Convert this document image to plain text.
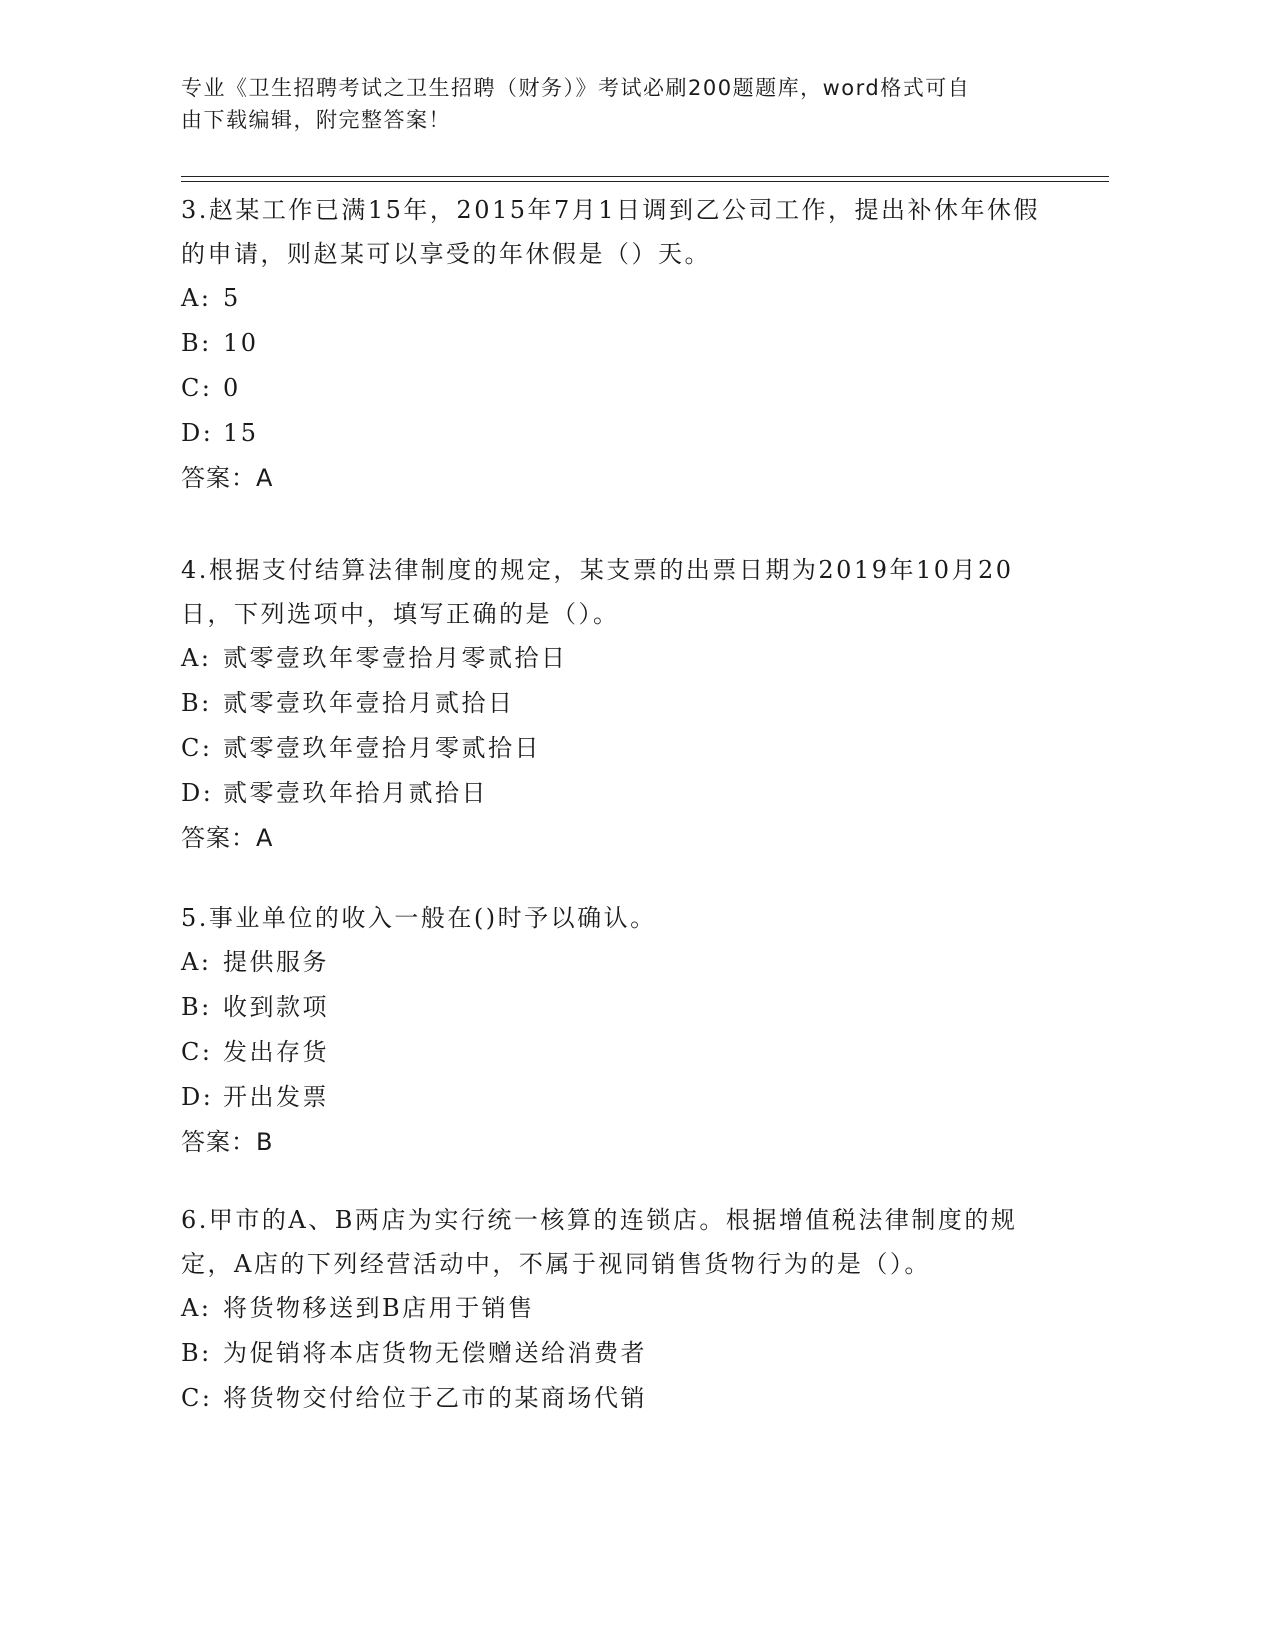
专业《卫生招聘考试之卫生招聘（财务）》考试必刷200题题库，word格式可自
由下载编辑，附完整答案！

3.赵某工作已满15年，2015年7月1日调到乙公司工作，提出补休年休假的申请，则赵某可以享受的年休假是（）天。

A: 5

B: 10

C: 0

D: 15

答案：A

4.根据支付结算法律制度的规定，某支票的出票日期为2019年10月20日，下列选项中，填写正确的是（）。

A: 贰零壹玖年零壹拾月零贰拾日

B: 贰零壹玖年壹拾月贰拾日

C: 贰零壹玖年壹拾月零贰拾日

D: 贰零壹玖年拾月贰拾日

答案：A

5.事业单位的收入一般在()时予以确认。

A: 提供服务

B: 收到款项

C: 发出存货

D: 开出发票

答案：B

6.甲市的A、B两店为实行统一核算的连锁店。根据增值税法律制度的规定，A店的下列经营活动中，不属于视同销售货物行为的是（）。

A: 将货物移送到B店用于销售

B: 为促销将本店货物无偿赠送给消费者

C: 将货物交付给位于乙市的某商场代销
